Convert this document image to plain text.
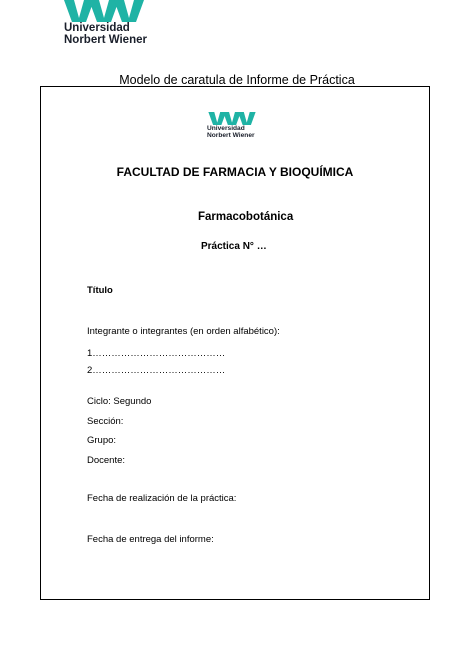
Universidad
Norbert Wiener
Modelo de caratula de Informe de Práctica
Universidad
Norbert Wiener
FACULTAD DE FARMACIA Y BIOQUÍMICA
Farmacobotánica
Práctica N° …
Título
Integrante o integrantes (en orden alfabético):
1……………………………………
2……………………………………
Ciclo: Segundo
Sección:
Grupo:
Docente:
Fecha de realización de la práctica:
Fecha de entrega del informe:
